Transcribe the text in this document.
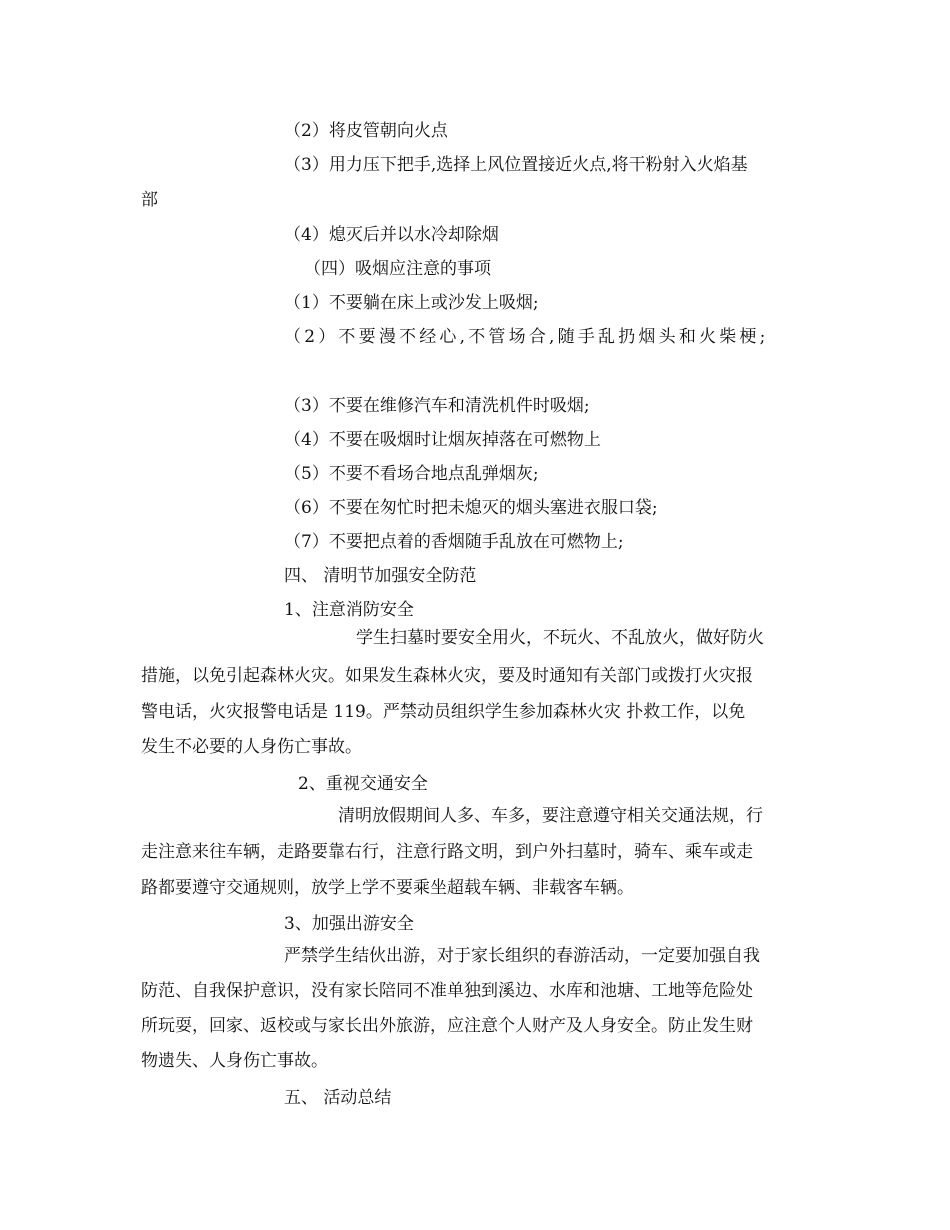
（2）将皮管朝向火点

（3）用力压下把手,选择上风位置接近火点,将干粉射入火焰基

部

（4）熄灭后并以水冷却除烟

（四）吸烟应注意的事项

（1）不要躺在床上或沙发上吸烟;

（2）不要漫不经心,不管场合,随手乱扔烟头和火柴梗;

（3）不要在维修汽车和清洗机件时吸烟;

（4）不要在吸烟时让烟灰掉落在可燃物上

（5）不要不看场合地点乱弹烟灰;

（6）不要在匆忙时把未熄灭的烟头塞进衣服口袋;

（7）不要把点着的香烟随手乱放在可燃物上;

四、 清明节加强安全防范

1、注意消防安全

学生扫墓时要安全用火，不玩火、不乱放火，做好防火

措施，以免引起森林火灾。如果发生森林火灾，要及时通知有关部门或拨打火灾报

警电话，火灾报警电话是 119。严禁动员组织学生参加森林火灾 扑救工作，以免

发生不必要的人身伤亡事故。

2、重视交通安全

清明放假期间人多、车多，要注意遵守相关交通法规，行

走注意来往车辆，走路要靠右行，注意行路文明，到户外扫墓时，骑车、乘车或走

路都要遵守交通规则，放学上学不要乘坐超载车辆、非载客车辆。

3、加强出游安全

严禁学生结伙出游，对于家长组织的春游活动，一定要加强自我

防范、自我保护意识，没有家长陪同不准单独到溪边、水库和池塘、工地等危险处

所玩耍，回家、返校或与家长出外旅游，应注意个人财产及人身安全。防止发生财

物遗失、人身伤亡事故。

五、 活动总结
